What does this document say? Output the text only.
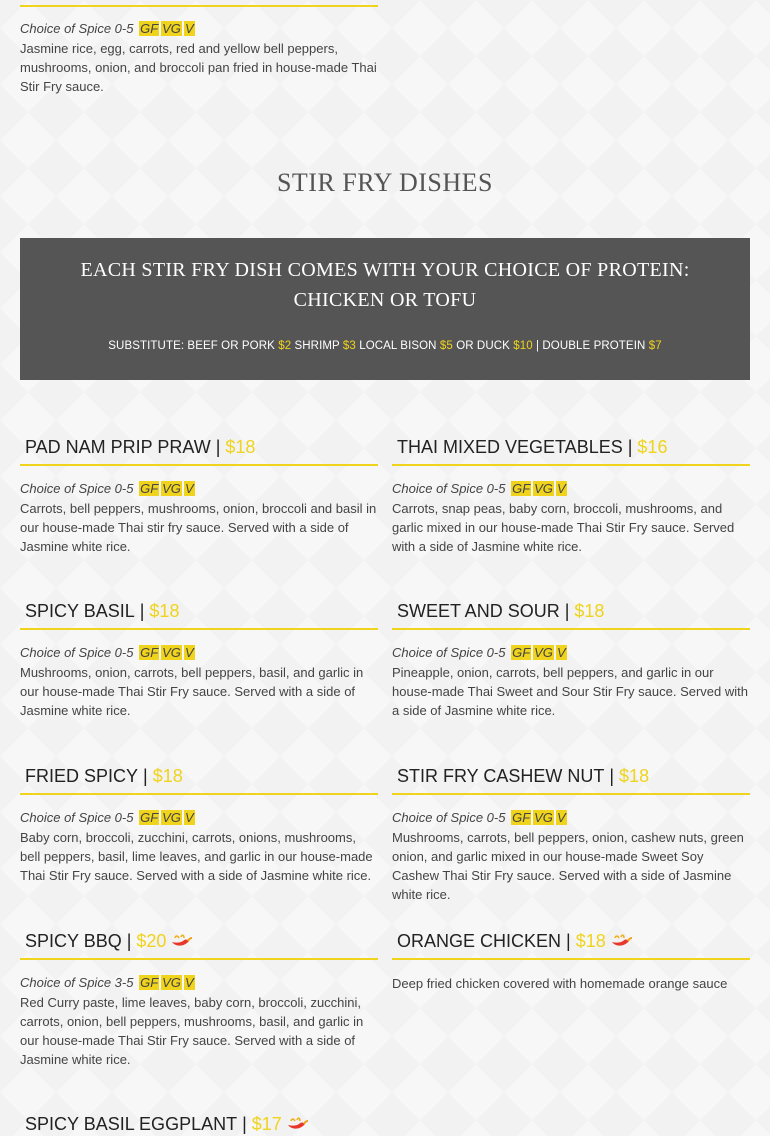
Choice of Spice 0-5 GF VG V
Jasmine rice, egg, carrots, red and yellow bell peppers, mushrooms, onion, and broccoli pan fried in house-made Thai Stir Fry sauce.
STIR FRY DISHES
EACH STIR FRY DISH COMES WITH YOUR CHOICE OF PROTEIN: CHICKEN OR TOFU
SUBSTITUTE: BEEF OR PORK $2 SHRIMP $3 LOCAL BISON $5 OR DUCK $10 | DOUBLE PROTEIN $7
PAD NAM PRIP PRAW | $18
Choice of Spice 0-5 GF VG V
Carrots, bell peppers, mushrooms, onion, broccoli and basil in our house-made Thai stir fry sauce. Served with a side of Jasmine white rice.
THAI MIXED VEGETABLES | $16
Choice of Spice 0-5 GF VG V
Carrots, snap peas, baby corn, broccoli, mushrooms, and garlic mixed in our house-made Thai Stir Fry sauce. Served with a side of Jasmine white rice.
SPICY BASIL | $18
Choice of Spice 0-5 GF VG V
Mushrooms, onion, carrots, bell peppers, basil, and garlic in our house-made Thai Stir Fry sauce. Served with a side of Jasmine white rice.
SWEET AND SOUR | $18
Choice of Spice 0-5 GF VG V
Pineapple, onion, carrots, bell peppers, and garlic in our house-made Thai Sweet and Sour Stir Fry sauce. Served with a side of Jasmine white rice.
FRIED SPICY | $18
Choice of Spice 0-5 GF VG V
Baby corn, broccoli, zucchini, carrots, onions, mushrooms, bell peppers, basil, lime leaves, and garlic in our house-made Thai Stir Fry sauce. Served with a side of Jasmine white rice.
STIR FRY CASHEW NUT | $18
Choice of Spice 0-5 GF VG V
Mushrooms, carrots, bell peppers, onion, cashew nuts, green onion, and garlic mixed in our house-made Sweet Soy Cashew Thai Stir Fry sauce. Served with a side of Jasmine white rice.
SPICY BBQ | $20
Choice of Spice 3-5 GF VG V
Red Curry paste, lime leaves, baby corn, broccoli, zucchini, carrots, onion, bell peppers, mushrooms, basil, and garlic in our house-made Thai Stir Fry sauce. Served with a side of Jasmine white rice.
ORANGE CHICKEN | $18
Deep fried chicken covered with homemade orange sauce
SPICY BASIL EGGPLANT | $17
